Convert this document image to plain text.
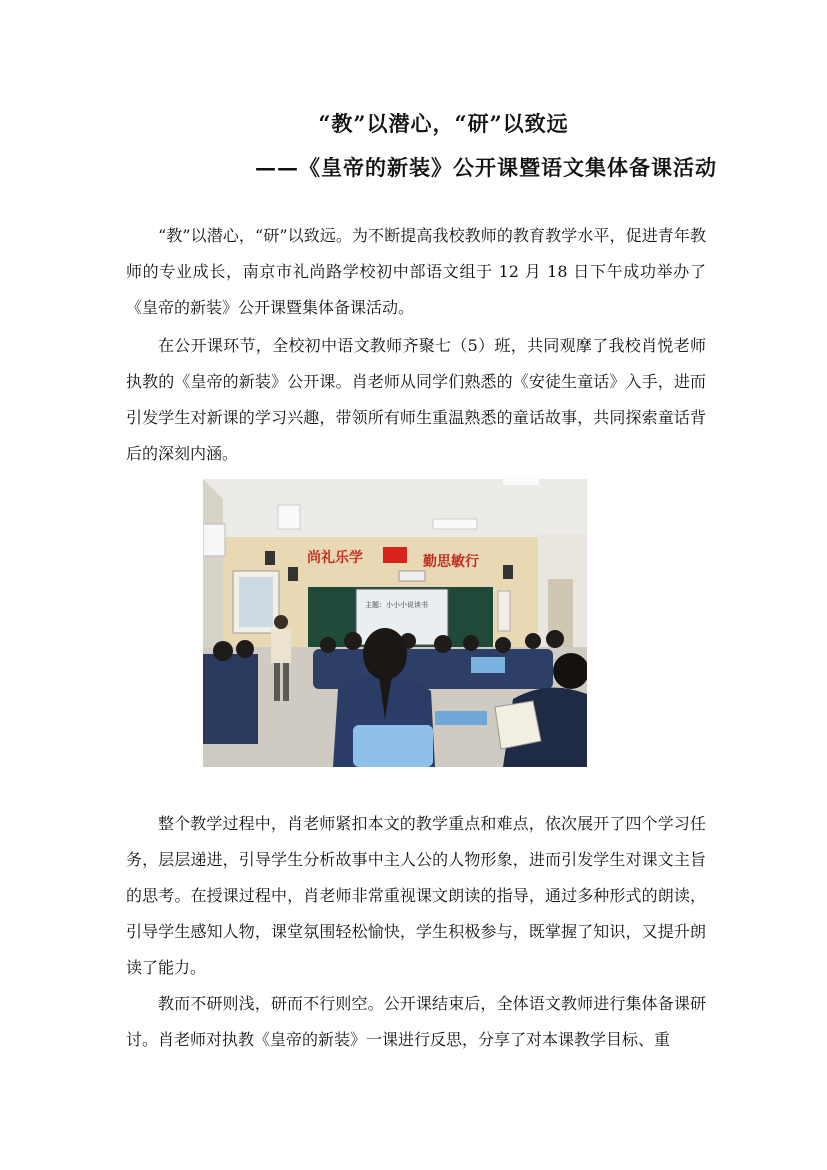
“教”以潜心，“研”以致远
——《皇帝的新装》公开课暨语文集体备课活动

“教”以潜心，“研”以致远。为不断提高我校教师的教育教学水平，促进青年教师的专业成长，南京市礼尚路学校初中部语文组于 12 月 18 日下午成功举办了《皇帝的新装》公开课暨集体备课活动。

在公开课环节，全校初中语文教师齐聚七（5）班，共同观摩了我校肖悦老师执教的《皇帝的新装》公开课。肖老师从同学们熟悉的《安徒生童话》入手，进而引发学生对新课的学习兴趣，带领所有师生重温熟悉的童话故事，共同探索童话背后的深刻内涵。

尚礼乐学	勤思敏行
主题：小小小说读书

整个教学过程中，肖老师紧扣本文的教学重点和难点，依次展开了四个学习任务，层层递进，引导学生分析故事中主人公的人物形象，进而引发学生对课文主旨的思考。在授课过程中，肖老师非常重视课文朗读的指导，通过多种形式的朗读，引导学生感知人物，课堂氛围轻松愉快，学生积极参与，既掌握了知识，又提升朗读了能力。

教而不研则浅，研而不行则空。公开课结束后，全体语文教师进行集体备课研讨。肖老师对执教《皇帝的新装》一课进行反思，分享了对本课教学目标、重
